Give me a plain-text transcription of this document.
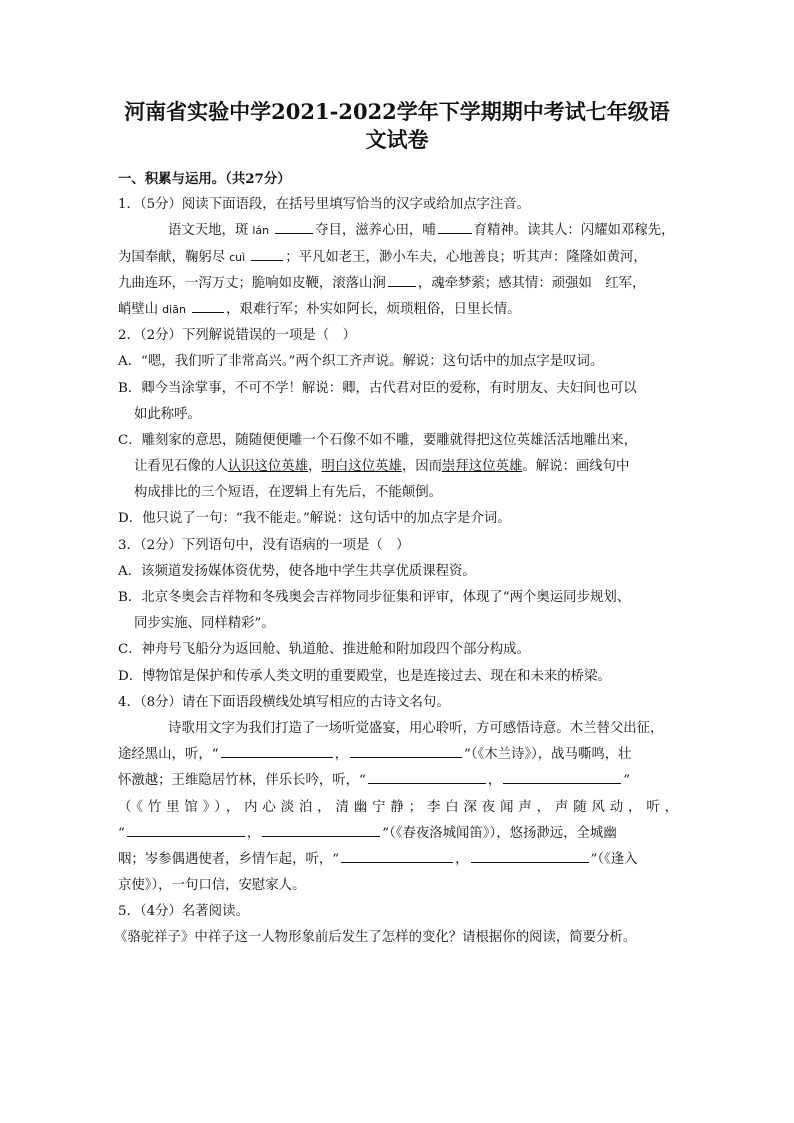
河南省实验中学2021-2022学年下学期期中考试七年级语
文试卷
一、积累与运用。（共27分）
1．（5分）阅读下面语段，在括号里填写恰当的汉字或给加点字注音。
语文天地，斑 lán	夺目，滋养心田，哺	育精神。读其人：闪耀如邓稼先，
为国奉献，鞠躬尽 cuì	；平凡如老王，渺小车夫，心地善良；听其声：隆隆如黄河，
九曲连环，一泻万丈；脆响如皮鞭，滚落山涧 ，魂牵梦萦；感其情：顽强如　红军，
峭壁山 diān	，艰难行军；朴实如阿长，烦琐粗俗，日里长情。
2．（2分）下列解说错误的一项是（　）
A．“嗯，我们听了非常高兴。”两个织工齐声说。解说：这句话中的加点字是叹词。
B．卿今当涂掌事，不可不学！解说：卿，古代君对臣的爱称，有时朋友、夫妇间也可以
如此称呼。
C．雕刻家的意思，随随便便雕一个石像不如不雕，要雕就得把这位英雄活活地雕出来，
让看见石像的人认识这位英雄，明白这位英雄，因而崇拜这位英雄。解说：画线句中
构成排比的三个短语，在逻辑上有先后，不能颠倒。
D．他只说了一句：“我不能走。”解说：这句话中的加点字是介词。
3．（2分）下列语句中，没有语病的一项是（　）
A．该频道发扬媒体资优势，使各地中学生共享优质课程资。
B．北京冬奥会吉祥物和冬残奥会吉祥物同步征集和评审，体现了“两个奥运同步规划、
同步实施、同样精彩”。
C．神舟号飞船分为返回舱、轨道舱、推进舱和附加段四个部分构成。
D．博物馆是保护和传承人类文明的重要殿堂，也是连接过去、现在和未来的桥梁。
4．（8分）请在下面语段横线处填写相应的古诗文名句。
诗歌用文字为我们打造了一场听觉盛宴，用心聆听，方可感悟诗意。木兰替父出征，
途经黑山，听，“	，	”（《木兰诗》），战马嘶鸣，壮
怀激越；王维隐居竹林，伴乐长吟，听，“	，	”
（《竹里馆》），内心淡泊，清幽宁静；李白深夜闻声，声随风动，听，
“	，	”（《春夜洛城闻笛》），悠扬渺远，全城幽
咽；岑参偶遇使者，乡情乍起，听，“	，	”（《逢入
京使》），一句口信，安慰家人。
5．（4分）名著阅读。
《骆驼祥子》中祥子这一人物形象前后发生了怎样的变化？请根据你的阅读，简要分析。
